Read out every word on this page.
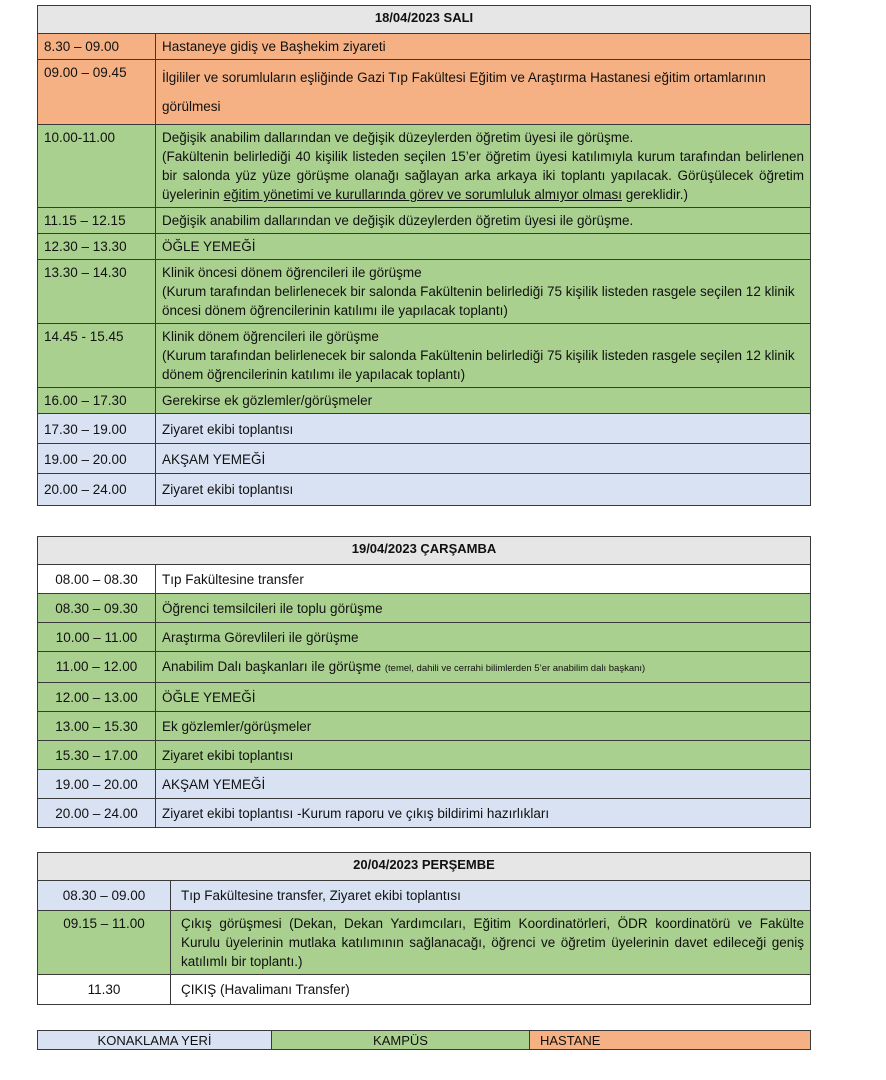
18/04/2023 SALI	
8.30 – 09.00	Hastaneye gidiş ve Başhekim ziyareti
09.00 – 09.45	İlgililer ve sorumluların eşliğinde Gazi Tıp Fakültesi Eğitim ve Araştırma Hastanesi eğitim ortamlarının görülmesi
10.00-11.00	Değişik anabilim dallarından ve değişik düzeylerden öğretim üyesi ile görüşme.
(Fakültenin belirlediği 40 kişilik listeden seçilen 15’er öğretim üyesi katılımıyla kurum tarafından belirlenen bir salonda yüz yüze görüşme olanağı sağlayan arka arkaya iki toplantı yapılacak. Görüşülecek öğretim üyelerinin eğitim yönetimi ve kurullarında görev ve sorumluluk almıyor olması gereklidir.)
11.15 – 12.15	Değişik anabilim dallarından ve değişik düzeylerden öğretim üyesi ile görüşme.
12.30 – 13.30	ÖĞLE YEMEĞİ
13.30 – 14.30	Klinik öncesi dönem öğrencileri ile görüşme
(Kurum tarafından belirlenecek bir salonda Fakültenin belirlediği 75 kişilik listeden rasgele seçilen 12 klinik öncesi dönem öğrencilerinin katılımı ile yapılacak toplantı)
14.45 - 15.45	Klinik dönem öğrencileri ile görüşme
(Kurum tarafından belirlenecek bir salonda Fakültenin belirlediği 75 kişilik listeden rasgele seçilen 12 klinik dönem öğrencilerinin katılımı ile yapılacak toplantı)
16.00 – 17.30	Gerekirse ek gözlemler/görüşmeler
17.30 – 19.00	Ziyaret ekibi toplantısı
19.00 – 20.00	AKŞAM YEMEĞİ
20.00 – 24.00	Ziyaret ekibi toplantısı
19/04/2023 ÇARŞAMBA	
08.00 – 08.30	Tıp Fakültesine transfer
08.30 – 09.30	Öğrenci temsilcileri ile toplu görüşme
10.00 – 11.00	Araştırma Görevlileri ile görüşme
11.00 – 12.00	Anabilim Dalı başkanları ile görüşme (temel, dahili ve cerrahi bilimlerden 5’er anabilim dalı başkanı)
12.00 – 13.00	ÖĞLE YEMEĞİ
13.00 – 15.30	Ek gözlemler/görüşmeler
15.30 – 17.00	Ziyaret ekibi toplantısı
19.00 – 20.00	AKŞAM YEMEĞİ
20.00 – 24.00	Ziyaret ekibi toplantısı -Kurum raporu ve çıkış bildirimi hazırlıkları
20/04/2023 PERŞEMBE	
08.30 – 09.00	Tıp Fakültesine transfer, Ziyaret ekibi toplantısı
09.15 – 11.00	Çıkış görüşmesi (Dekan, Dekan Yardımcıları, Eğitim Koordinatörleri, ÖDR koordinatörü ve Fakülte Kurulu üyelerinin mutlaka katılımının sağlanacağı, öğrenci ve öğretim üyelerinin davet edileceği geniş katılımlı bir toplantı.)
11.30	ÇIKIŞ (Havalimanı Transfer)
KONAKLAMA YERİ	KAMPÜS	HASTANE
